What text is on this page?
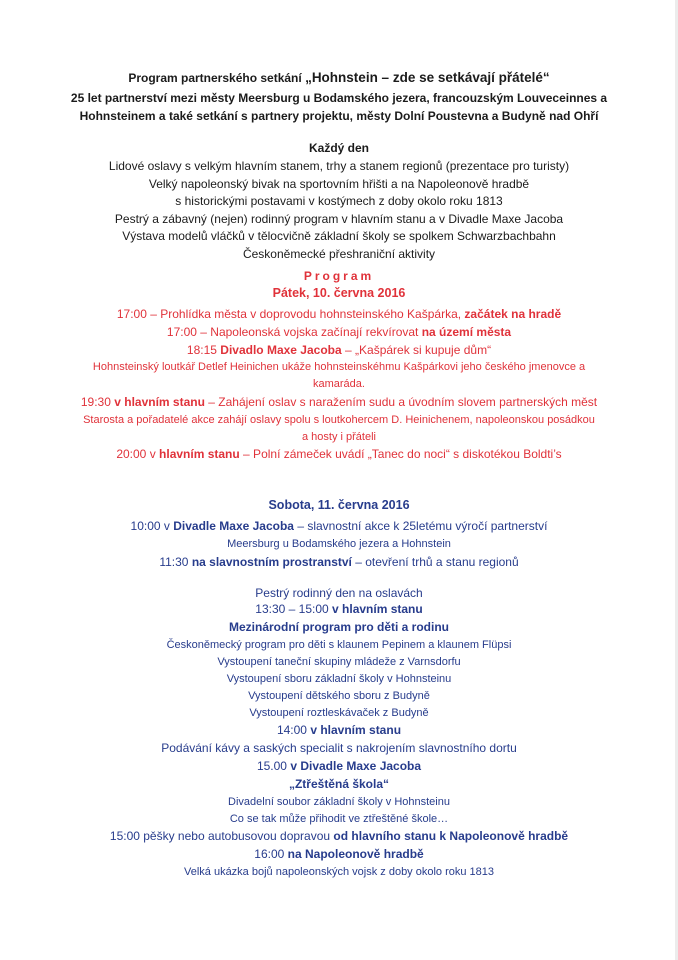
Program partnerského setkání „Hohnstein – zde se setkávají přátelé“
25 let partnerství mezi městy Meersburg u Bodamského jezera, francouzským Louveceinnes a
Hohnsteinem a také setkání s partnery projektu, městy Dolní Poustevna a Budyně nad Ohří
Každý den
Lidové oslavy s velkým hlavním stanem, trhy a stanem regionů (prezentace pro turisty)
Velký napoleonský bivak na sportovním hřišti a na Napoleonově hradbě
s historickými postavami v kostýmech z doby okolo roku 1813
Pestrý a zábavný (nejen) rodinný program v hlavním stanu a v Divadle Maxe Jacoba
Výstava modelů vláčků v tělocvičně základní školy se spolkem Schwarzbachbahn
Českoněmecké přeshraniční aktivity
Program
Pátek, 10. června 2016
17:00 – Prohlídka města v doprovodu hohnsteinského Kašpárka, začátek na hradě
17:00 – Napoleonská vojska začínají rekvírovat na území města
18:15 Divadlo Maxe Jacoba – „Kašpárek si kupuje dům“
Hohnsteinský loutkář Detlef Heinichen ukáže hohnsteinskéhmu Kašpárkovi jeho českého jmenovce a
kamaráda.
19:30 v hlavním stanu – Zahájení oslav s naražením sudu a úvodním slovem partnerských měst
Starosta a pořadatelé akce zahájí oslavy spolu s loutkohercem D. Heinichenem, napoleonskou posádkou
a hosty i přáteli
20:00 v hlavním stanu – Polní zámeček uvádí „Tanec do noci“ s diskotékou Boldti’s
Sobota, 11. června 2016
10:00 v Divadle Maxe Jacoba – slavnostní akce k 25letému výročí partnerství
Meersburg u Bodamského jezera a Hohnstein
11:30 na slavnostním prostranství – otevření trhů a stanu regionů
Pestrý rodinný den na oslavách
13:30 – 15:00 v hlavním stanu
Mezinárodní program pro děti a rodinu
Českoněmecký program pro děti s klaunem Pepinem a klaunem Flüpsi
Vystoupení taneční skupiny mládeže z Varnsdorfu
Vystoupení sboru základní školy v Hohnsteinu
Vystoupení dětského sboru z Budyně
Vystoupení roztleskávaček z Budyně
14:00 v hlavním stanu
Podávání kávy a saských specialit s nakrojením slavnostního dortu
15.00 v Divadle Maxe Jacoba
„Ztřeštěná škola“
Divadelní soubor základní školy v Hohnsteinu
Co se tak může přihodit ve ztřeštěné škole…
15:00 pěšky nebo autobusovou dopravou od hlavního stanu k Napoleonově hradbě
16:00 na Napoleonově hradbě
Velká ukázka bojů napoleonských vojsk z doby okolo roku 1813
